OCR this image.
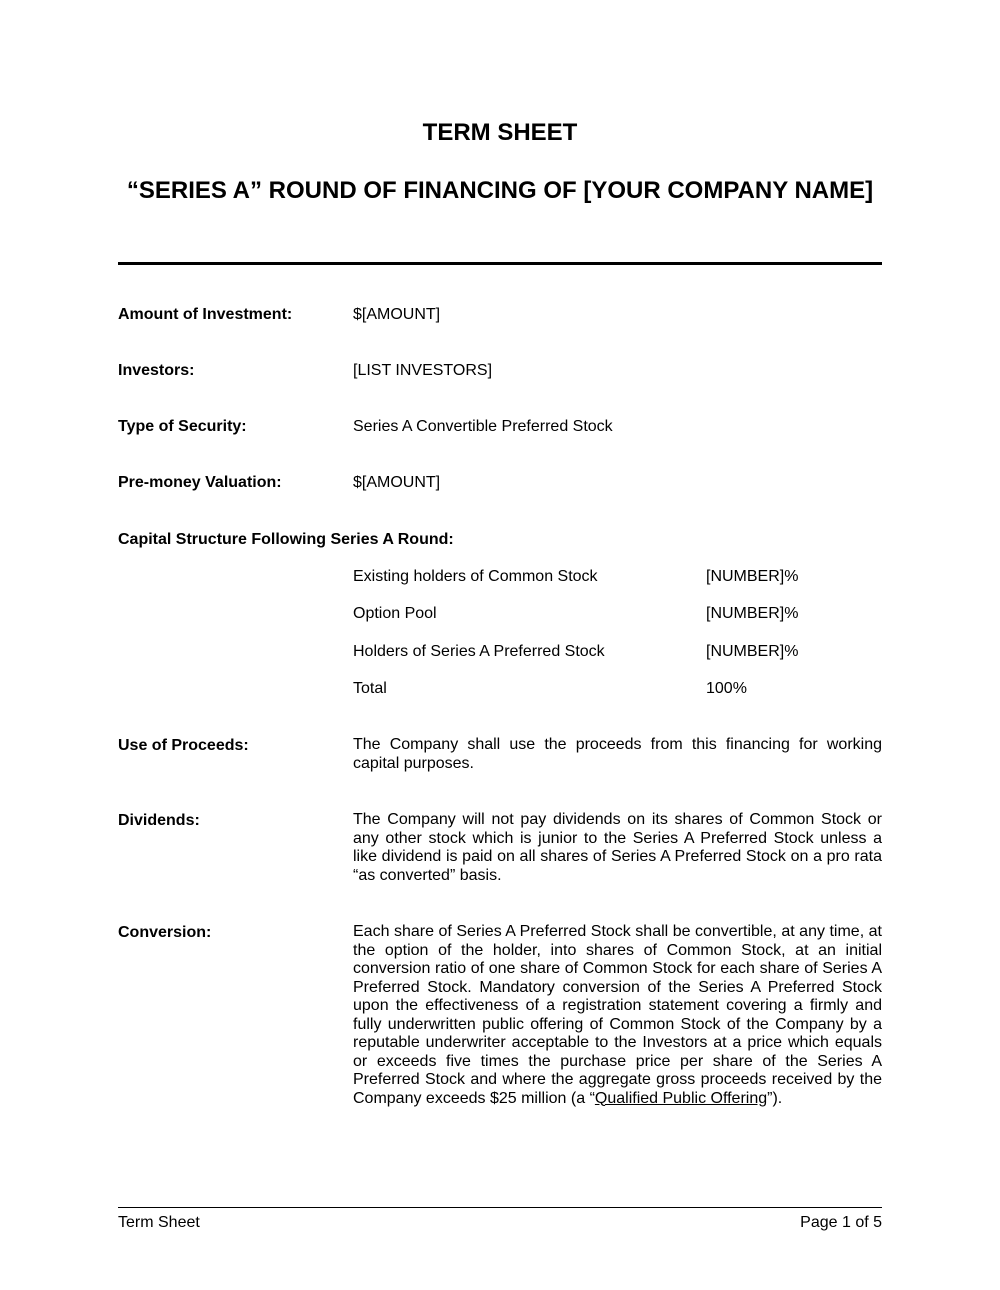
TERM SHEET
“SERIES A” ROUND OF FINANCING OF [YOUR COMPANY NAME]
Amount of Investment:	$[AMOUNT]
Investors:	[LIST INVESTORS]
Type of Security:	Series A Convertible Preferred Stock
Pre-money Valuation:	$[AMOUNT]
Capital Structure Following Series A Round:
Existing holders of Common Stock	[NUMBER]%
Option Pool	[NUMBER]%
Holders of Series A Preferred Stock	[NUMBER]%
Total	100%
Use of Proceeds:	The Company shall use the proceeds from this financing for working capital purposes.
Dividends:	The Company will not pay dividends on its shares of Common Stock or any other stock which is junior to the Series A Preferred Stock unless a like dividend is paid on all shares of Series A Preferred Stock on a pro rata “as converted” basis.
Conversion:	Each share of Series A Preferred Stock shall be convertible, at any time, at the option of the holder, into shares of Common Stock, at an initial conversion ratio of one share of Common Stock for each share of Series A Preferred Stock. Mandatory conversion of the Series A Preferred Stock upon the effectiveness of a registration statement covering a firmly and fully underwritten public offering of Common Stock of the Company by a reputable underwriter acceptable to the Investors at a price which equals or exceeds five times the purchase price per share of the Series A Preferred Stock and where the aggregate gross proceeds received by the Company exceeds $25 million (a “Qualified Public Offering”).
Term Sheet	Page 1 of 5
